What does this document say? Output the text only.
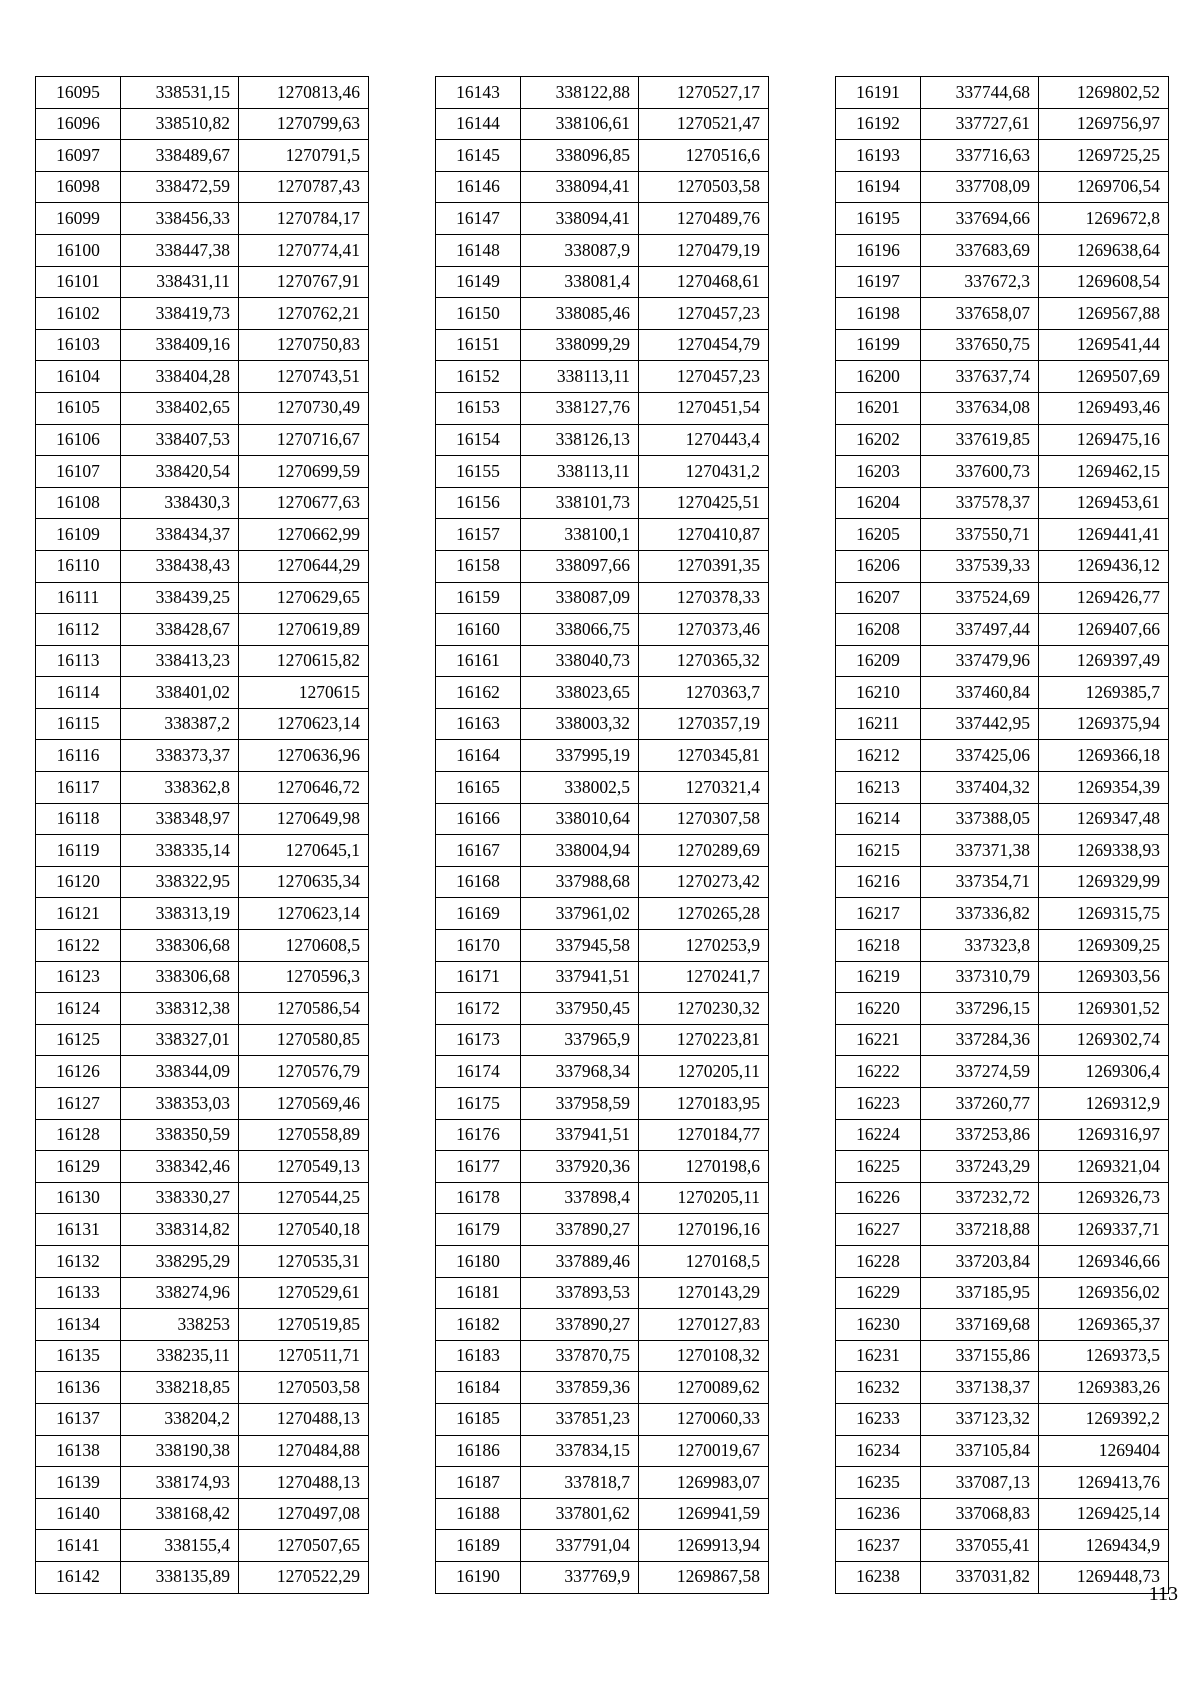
16095	338531,15	1270813,46
16096	338510,82	1270799,63
16097	338489,67	1270791,5
16098	338472,59	1270787,43
16099	338456,33	1270784,17
16100	338447,38	1270774,41
16101	338431,11	1270767,91
16102	338419,73	1270762,21
16103	338409,16	1270750,83
16104	338404,28	1270743,51
16105	338402,65	1270730,49
16106	338407,53	1270716,67
16107	338420,54	1270699,59
16108	338430,3	1270677,63
16109	338434,37	1270662,99
16110	338438,43	1270644,29
16111	338439,25	1270629,65
16112	338428,67	1270619,89
16113	338413,23	1270615,82
16114	338401,02	1270615
16115	338387,2	1270623,14
16116	338373,37	1270636,96
16117	338362,8	1270646,72
16118	338348,97	1270649,98
16119	338335,14	1270645,1
16120	338322,95	1270635,34
16121	338313,19	1270623,14
16122	338306,68	1270608,5
16123	338306,68	1270596,3
16124	338312,38	1270586,54
16125	338327,01	1270580,85
16126	338344,09	1270576,79
16127	338353,03	1270569,46
16128	338350,59	1270558,89
16129	338342,46	1270549,13
16130	338330,27	1270544,25
16131	338314,82	1270540,18
16132	338295,29	1270535,31
16133	338274,96	1270529,61
16134	338253	1270519,85
16135	338235,11	1270511,71
16136	338218,85	1270503,58
16137	338204,2	1270488,13
16138	338190,38	1270484,88
16139	338174,93	1270488,13
16140	338168,42	1270497,08
16141	338155,4	1270507,65
16142	338135,89	1270522,29
16143	338122,88	1270527,17
16144	338106,61	1270521,47
16145	338096,85	1270516,6
16146	338094,41	1270503,58
16147	338094,41	1270489,76
16148	338087,9	1270479,19
16149	338081,4	1270468,61
16150	338085,46	1270457,23
16151	338099,29	1270454,79
16152	338113,11	1270457,23
16153	338127,76	1270451,54
16154	338126,13	1270443,4
16155	338113,11	1270431,2
16156	338101,73	1270425,51
16157	338100,1	1270410,87
16158	338097,66	1270391,35
16159	338087,09	1270378,33
16160	338066,75	1270373,46
16161	338040,73	1270365,32
16162	338023,65	1270363,7
16163	338003,32	1270357,19
16164	337995,19	1270345,81
16165	338002,5	1270321,4
16166	338010,64	1270307,58
16167	338004,94	1270289,69
16168	337988,68	1270273,42
16169	337961,02	1270265,28
16170	337945,58	1270253,9
16171	337941,51	1270241,7
16172	337950,45	1270230,32
16173	337965,9	1270223,81
16174	337968,34	1270205,11
16175	337958,59	1270183,95
16176	337941,51	1270184,77
16177	337920,36	1270198,6
16178	337898,4	1270205,11
16179	337890,27	1270196,16
16180	337889,46	1270168,5
16181	337893,53	1270143,29
16182	337890,27	1270127,83
16183	337870,75	1270108,32
16184	337859,36	1270089,62
16185	337851,23	1270060,33
16186	337834,15	1270019,67
16187	337818,7	1269983,07
16188	337801,62	1269941,59
16189	337791,04	1269913,94
16190	337769,9	1269867,58
16191	337744,68	1269802,52
16192	337727,61	1269756,97
16193	337716,63	1269725,25
16194	337708,09	1269706,54
16195	337694,66	1269672,8
16196	337683,69	1269638,64
16197	337672,3	1269608,54
16198	337658,07	1269567,88
16199	337650,75	1269541,44
16200	337637,74	1269507,69
16201	337634,08	1269493,46
16202	337619,85	1269475,16
16203	337600,73	1269462,15
16204	337578,37	1269453,61
16205	337550,71	1269441,41
16206	337539,33	1269436,12
16207	337524,69	1269426,77
16208	337497,44	1269407,66
16209	337479,96	1269397,49
16210	337460,84	1269385,7
16211	337442,95	1269375,94
16212	337425,06	1269366,18
16213	337404,32	1269354,39
16214	337388,05	1269347,48
16215	337371,38	1269338,93
16216	337354,71	1269329,99
16217	337336,82	1269315,75
16218	337323,8	1269309,25
16219	337310,79	1269303,56
16220	337296,15	1269301,52
16221	337284,36	1269302,74
16222	337274,59	1269306,4
16223	337260,77	1269312,9
16224	337253,86	1269316,97
16225	337243,29	1269321,04
16226	337232,72	1269326,73
16227	337218,88	1269337,71
16228	337203,84	1269346,66
16229	337185,95	1269356,02
16230	337169,68	1269365,37
16231	337155,86	1269373,5
16232	337138,37	1269383,26
16233	337123,32	1269392,2
16234	337105,84	1269404
16235	337087,13	1269413,76
16236	337068,83	1269425,14
16237	337055,41	1269434,9
16238	337031,82	1269448,73
113
